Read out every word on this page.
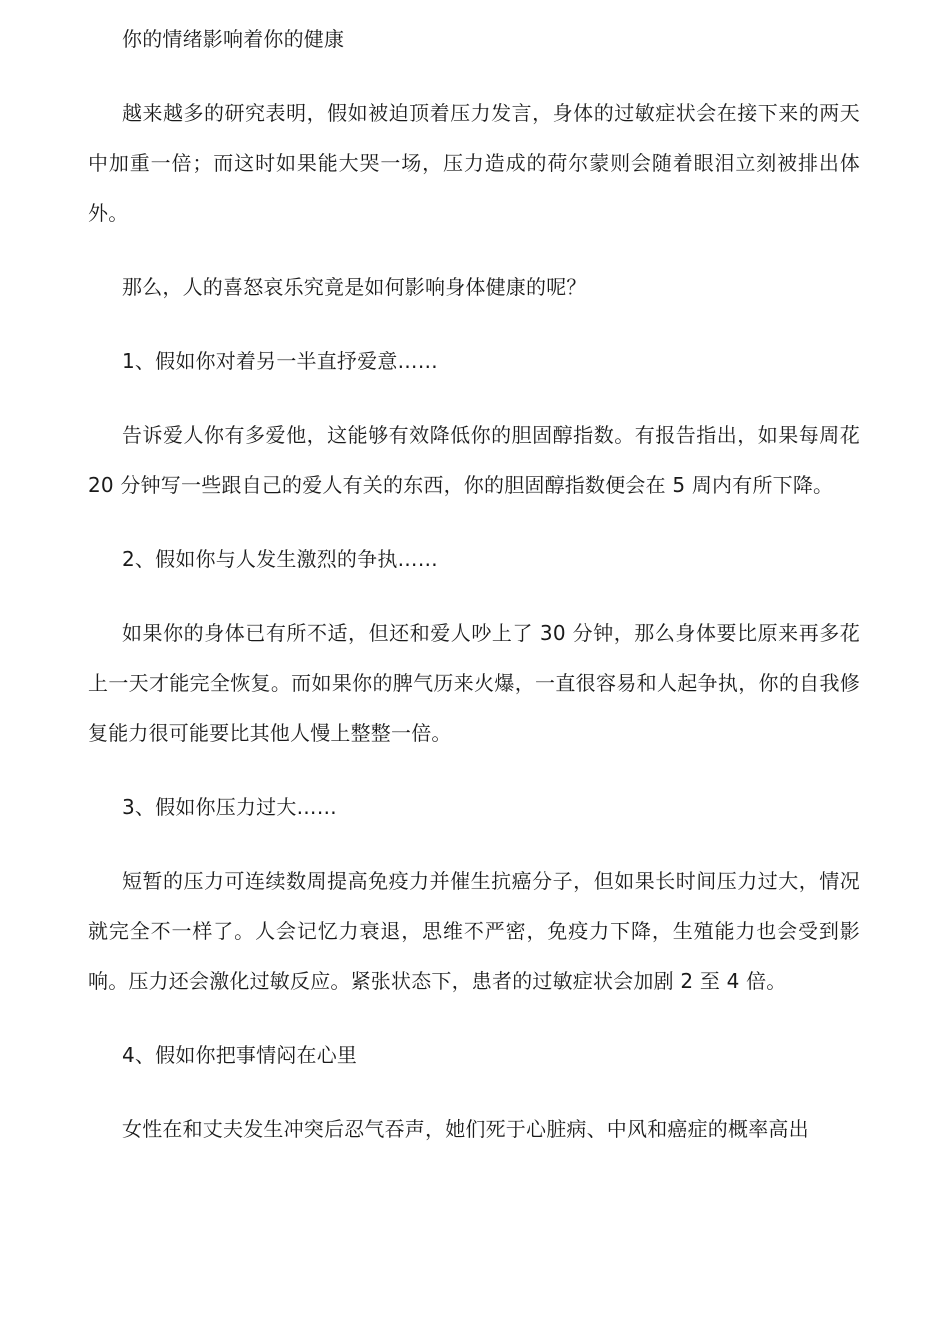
你的情绪影响着你的健康

越来越多的研究表明，假如被迫顶着压力发言，身体的过敏症状会在接下来的两天中加重一倍；而这时如果能大哭一场，压力造成的荷尔蒙则会随着眼泪立刻被排出体外。

那么，人的喜怒哀乐究竟是如何影响身体健康的呢？

1、假如你对着另一半直抒爱意……

告诉爱人你有多爱他，这能够有效降低你的胆固醇指数。有报告指出，如果每周花 20 分钟写一些跟自己的爱人有关的东西，你的胆固醇指数便会在 5 周内有所下降。

2、假如你与人发生激烈的争执……

如果你的身体已有所不适，但还和爱人吵上了 30 分钟，那么身体要比原来再多花上一天才能完全恢复。而如果你的脾气历来火爆，一直很容易和人起争执，你的自我修复能力很可能要比其他人慢上整整一倍。

3、假如你压力过大……

短暂的压力可连续数周提高免疫力并催生抗癌分子，但如果长时间压力过大，情况就完全不一样了。人会记忆力衰退，思维不严密，免疫力下降，生殖能力也会受到影响。压力还会激化过敏反应。紧张状态下，患者的过敏症状会加剧 2 至 4 倍。

4、假如你把事情闷在心里

女性在和丈夫发生冲突后忍气吞声，她们死于心脏病、中风和癌症的概率高出
